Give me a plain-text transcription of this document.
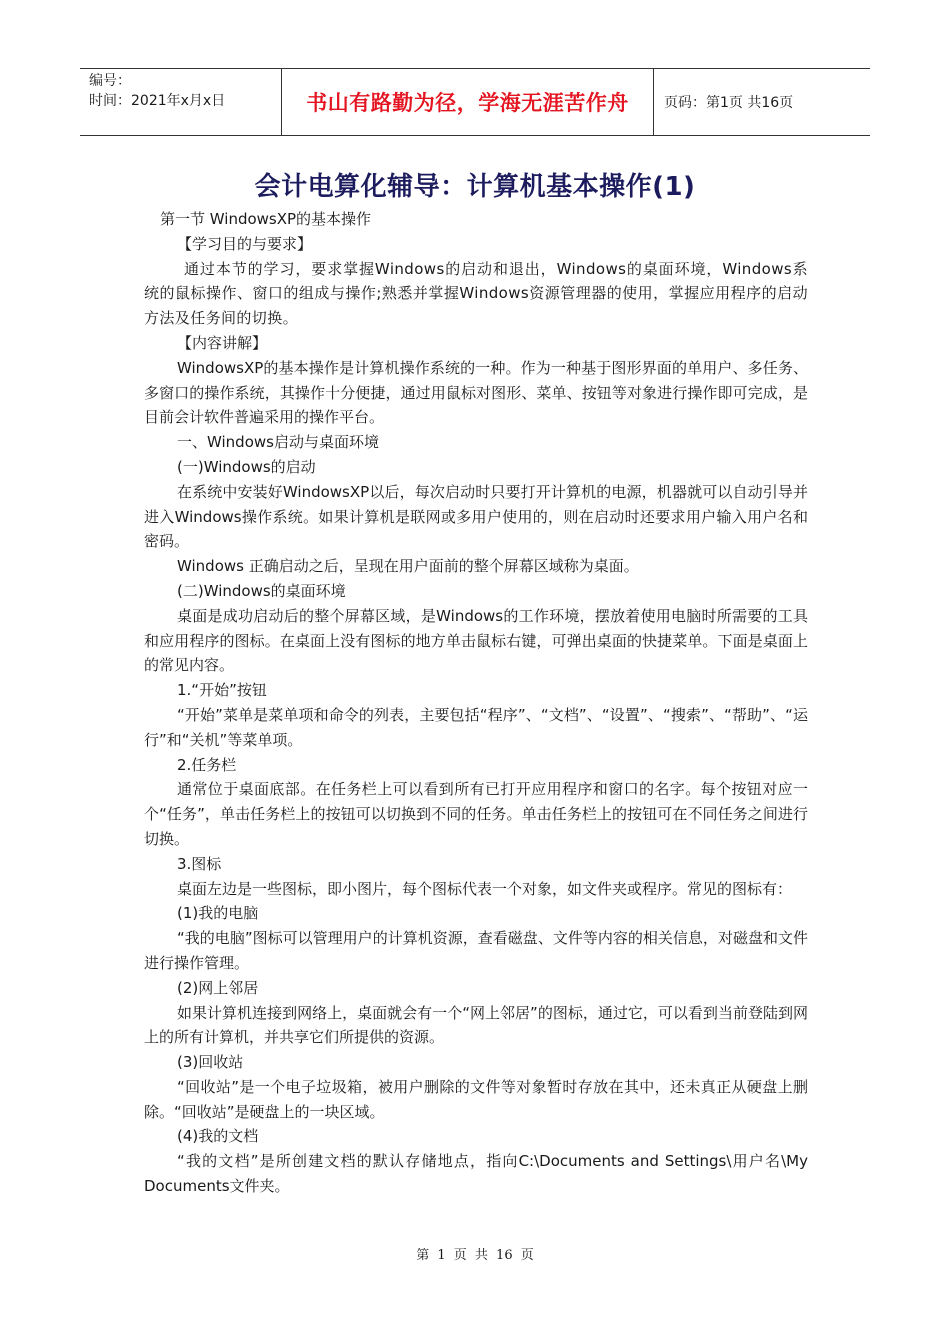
编号：
时间：2021年x月x日	书山有路勤为径，学海无涯苦作舟	页码：第1页 共16页
会计电算化辅导：计算机基本操作(1)

第一节 WindowsXP的基本操作

【学习目的与要求】

通过本节的学习，要求掌握Windows的启动和退出，Windows的桌面环境，Windows系统的鼠标操作、窗口的组成与操作;熟悉并掌握Windows资源管理器的使用，掌握应用程序的启动方法及任务间的切换。

【内容讲解】

WindowsXP的基本操作是计算机操作系统的一种。作为一种基于图形界面的单用户、多任务、多窗口的操作系统，其操作十分便捷，通过用鼠标对图形、菜单、按钮等对象进行操作即可完成，是目前会计软件普遍采用的操作平台。

一、Windows启动与桌面环境

(一)Windows的启动

在系统中安装好WindowsXP以后，每次启动时只要打开计算机的电源，机器就可以自动引导并进入Windows操作系统。如果计算机是联网或多用户使用的，则在启动时还要求用户输入用户名和密码。

Windows 正确启动之后，呈现在用户面前的整个屏幕区域称为桌面。

(二)Windows的桌面环境

桌面是成功启动后的整个屏幕区域，是Windows的工作环境，摆放着使用电脑时所需要的工具和应用程序的图标。在桌面上没有图标的地方单击鼠标右键，可弹出桌面的快捷菜单。下面是桌面上的常见内容。

1.“开始”按钮

“开始”菜单是菜单项和命令的列表，主要包括“程序”、“文档”、“设置”、“搜索”、“帮助”、“运行”和“关机”等菜单项。

2.任务栏

通常位于桌面底部。在任务栏上可以看到所有已打开应用程序和窗口的名字。每个按钮对应一个“任务”，单击任务栏上的按钮可以切换到不同的任务。单击任务栏上的按钮可在不同任务之间进行切换。

3.图标

桌面左边是一些图标，即小图片，每个图标代表一个对象，如文件夹或程序。常见的图标有：

(1)我的电脑

“我的电脑”图标可以管理用户的计算机资源，查看磁盘、文件等内容的相关信息，对磁盘和文件进行操作管理。

(2)网上邻居

如果计算机连接到网络上，桌面就会有一个“网上邻居”的图标，通过它，可以看到当前登陆到网上的所有计算机，并共享它们所提供的资源。

(3)回收站

“回收站”是一个电子垃圾箱，被用户删除的文件等对象暂时存放在其中，还未真正从硬盘上删除。“回收站”是硬盘上的一块区域。

(4)我的文档

“我的文档”是所创建文档的默认存储地点，指向C:\Documents and Settings\用户名\My Documents文件夹。

第 1 页 共 16 页
